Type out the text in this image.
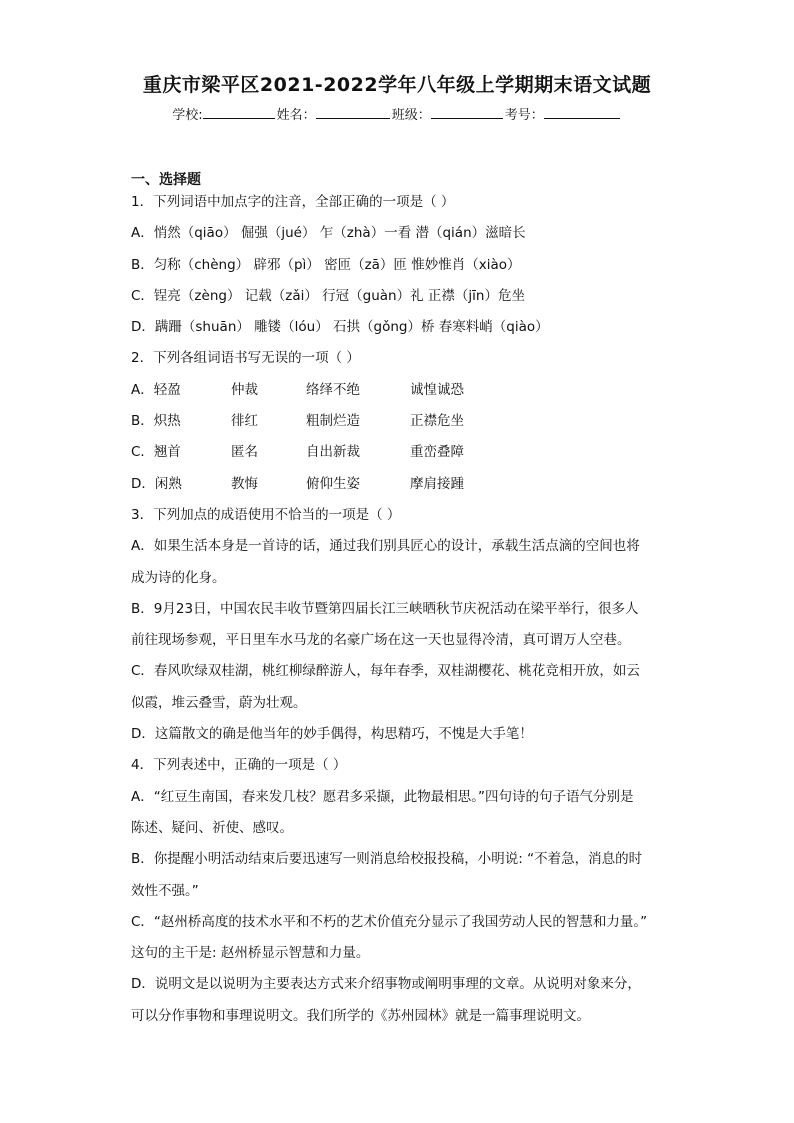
重庆市梁平区2021-2022学年八年级上学期期末语文试题
学校:	姓名：	班级：	考号：
一、选择题
1．下列词语中加点字的注音，全部正确的一项是（ ）
A．悄然（qiāo） 倔强（jué） 乍（zhà）一看 潜（qián）滋暗长
B．匀称（chèng） 辟邪（pì） 密匝（zā）匝 惟妙惟肖（xiào）
C．锃亮（zèng） 记载（zǎi） 行冠（guàn）礼 正襟（jīn）危坐
D．蹒跚（shuān） 雕镂（lóu） 石拱（gǒng）桥 春寒料峭（qiào）
2．下列各组词语书写无误的一项（ ）
A．轻盈	仲裁	络绎不绝	诚惶诚恐
B．炽热	徘红	粗制烂造	正襟危坐
C．翘首	匿名	自出新裁	重峦叠障
D．闲熟	教悔	俯仰生姿	摩肩接踵
3．下列加点的成语使用不恰当的一项是（ ）
A．如果生活本身是一首诗的话，通过我们别具匠心的设计，承载生活点滴的空间也将
成为诗的化身。
B．9月23日，中国农民丰收节暨第四届长江三峡晒秋节庆祝活动在梁平举行，很多人
前往现场参观，平日里车水马龙的名豪广场在这一天也显得冷清，真可谓万人空巷。
C．春风吹绿双桂湖，桃红柳绿醉游人，每年春季，双桂湖樱花、桃花竞相开放，如云
似霞，堆云叠雪，蔚为壮观。
D．这篇散文的确是他当年的妙手偶得，构思精巧，不愧是大手笔！
4．下列表述中，正确的一项是（ ）
A．“红豆生南国，春来发几枝？愿君多采撷，此物最相思。”四句诗的句子语气分别是
陈述、疑问、祈使、感叹。
B．你提醒小明活动结束后要迅速写一则消息给校报投稿，小明说: “不着急，消息的时
效性不强。”
C．“赵州桥高度的技术水平和不朽的艺术价值充分显示了我国劳动人民的智慧和力量。”
这句的主干是: 赵州桥显示智慧和力量。
D．说明文是以说明为主要表达方式来介绍事物或阐明事理的文章。从说明对象来分，
可以分作事物和事理说明文。我们所学的《苏州园林》就是一篇事理说明文。
